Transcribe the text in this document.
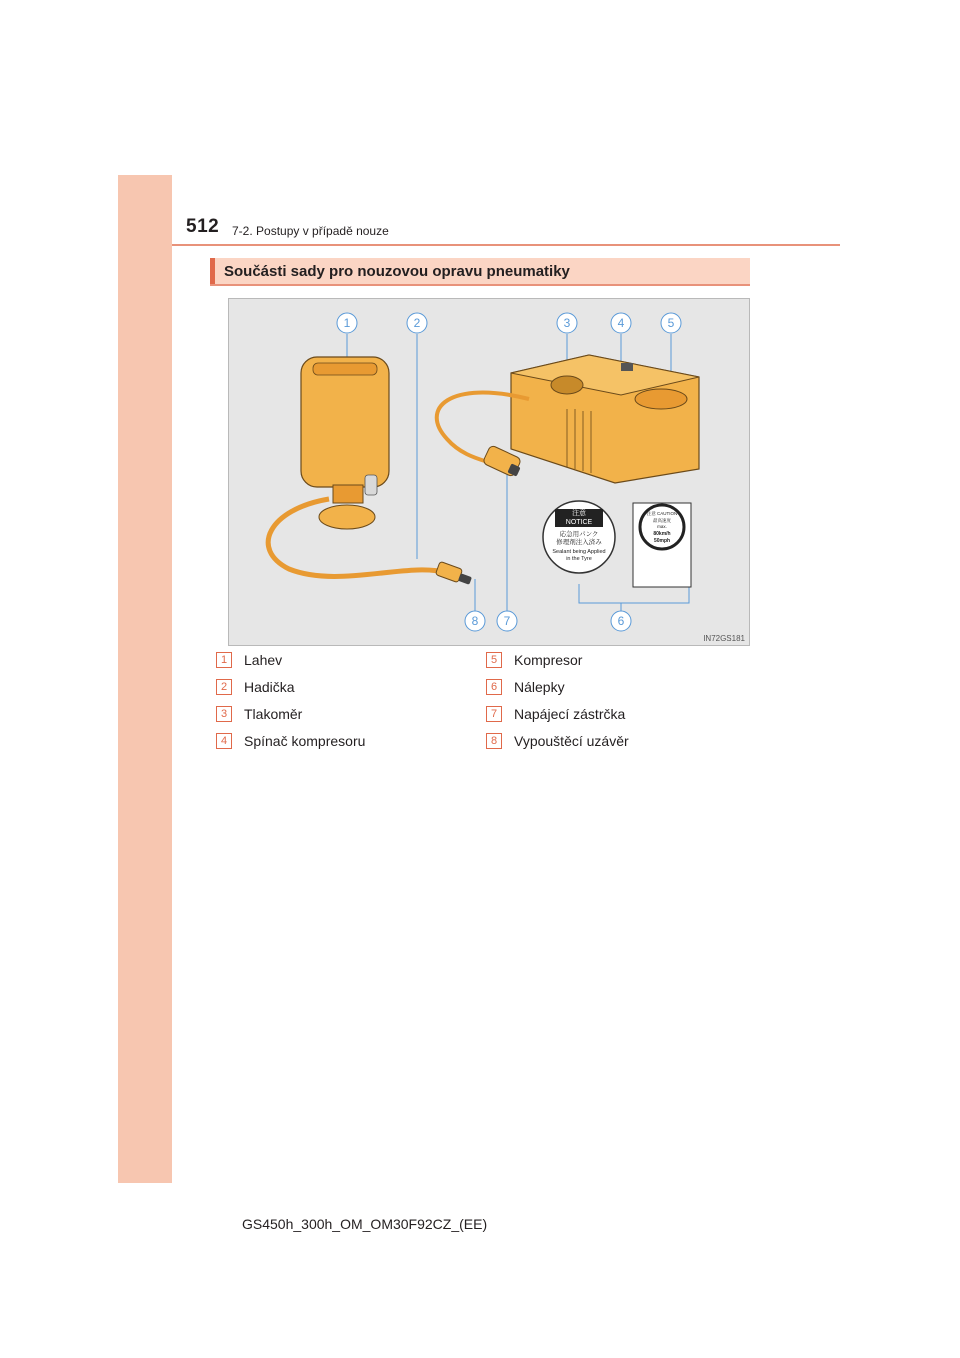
512 7-2. Postupy v případě nouze
Součásti sady pro nouzovou opravu pneumatiky
注意
NOTICE
応急用パンク
修理剤注入済み
Sealant being Applied
in the Tyre
注意 CAUTION
最高速度
max.
80km/h
50mph
1	2	3	4	5
6
7
8
IN72GS181
1	Lahev
2	Hadička
3	Tlakoměr
4	Spínač kompresoru
5	Kompresor
6	Nálepky
7	Napájecí zástrčka
8	Vypouštěcí uzávěr
GS450h_300h_OM_OM30F92CZ_(EE)
